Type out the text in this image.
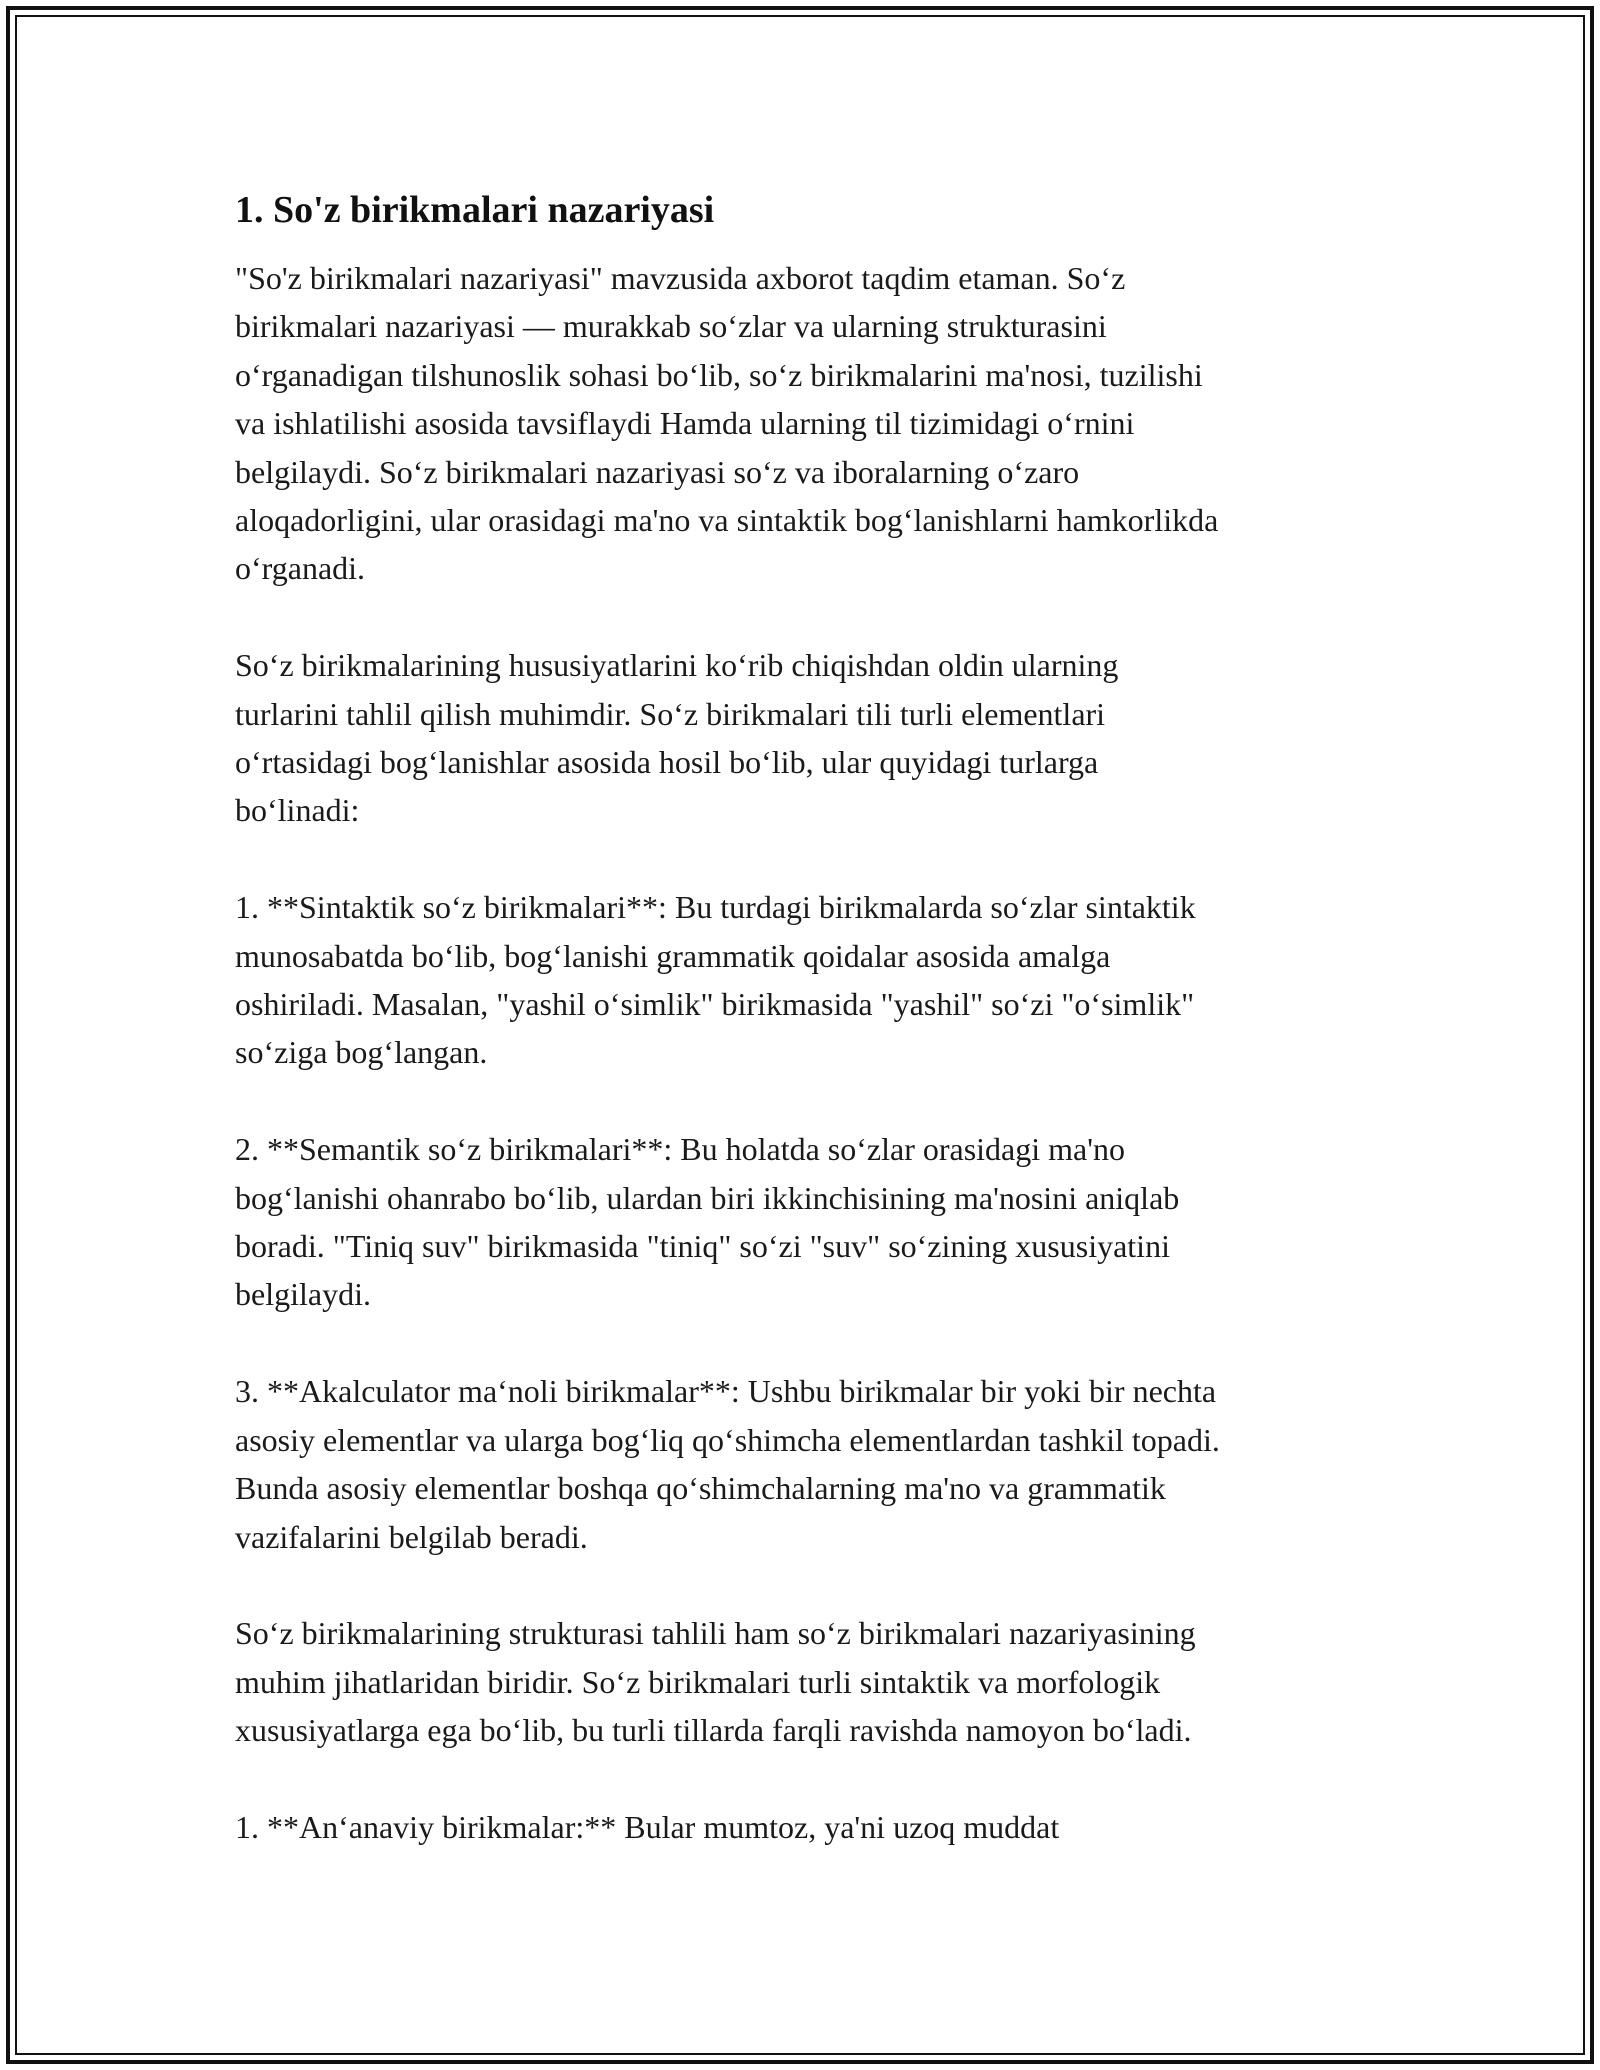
1. So'z birikmalari nazariyasi

"So'z birikmalari nazariyasi" mavzusida axborot taqdim etaman. So‘z
birikmalari nazariyasi — murakkab so‘zlar va ularning strukturasini
o‘rganadigan tilshunoslik sohasi bo‘lib, so‘z birikmalarini ma'nosi, tuzilishi
va ishlatilishi asosida tavsiflaydi Hamda ularning til tizimidagi o‘rnini
belgilaydi. So‘z birikmalari nazariyasi so‘z va iboralarning o‘zaro
aloqadorligini, ular orasidagi ma'no va sintaktik bog‘lanishlarni hamkorlikda
o‘rganadi.

So‘z birikmalarining hususiyatlarini ko‘rib chiqishdan oldin ularning
turlarini tahlil qilish muhimdir. So‘z birikmalari tili turli elementlari
o‘rtasidagi bog‘lanishlar asosida hosil bo‘lib, ular quyidagi turlarga
bo‘linadi:

1. **Sintaktik so‘z birikmalari**: Bu turdagi birikmalarda so‘zlar sintaktik
munosabatda bo‘lib, bog‘lanishi grammatik qoidalar asosida amalga
oshiriladi. Masalan, "yashil o‘simlik" birikmasida "yashil" so‘zi "o‘simlik"
so‘ziga bog‘langan.

2. **Semantik so‘z birikmalari**: Bu holatda so‘zlar orasidagi ma'no
bog‘lanishi ohanrabo bo‘lib, ulardan biri ikkinchisining ma'nosini aniqlab
boradi. "Tiniq suv" birikmasida "tiniq" so‘zi "suv" so‘zining xususiyatini
belgilaydi.

3. **Akalculator ma‘noli birikmalar**: Ushbu birikmalar bir yoki bir nechta
asosiy elementlar va ularga bog‘liq qo‘shimcha elementlardan tashkil topadi.
Bunda asosiy elementlar boshqa qo‘shimchalarning ma'no va grammatik
vazifalarini belgilab beradi.

So‘z birikmalarining strukturasi tahlili ham so‘z birikmalari nazariyasining
muhim jihatlaridan biridir. So‘z birikmalari turli sintaktik va morfologik
xususiyatlarga ega bo‘lib, bu turli tillarda farqli ravishda namoyon bo‘ladi.

1. **An‘anaviy birikmalar:** Bular mumtoz, ya'ni uzoq muddat
